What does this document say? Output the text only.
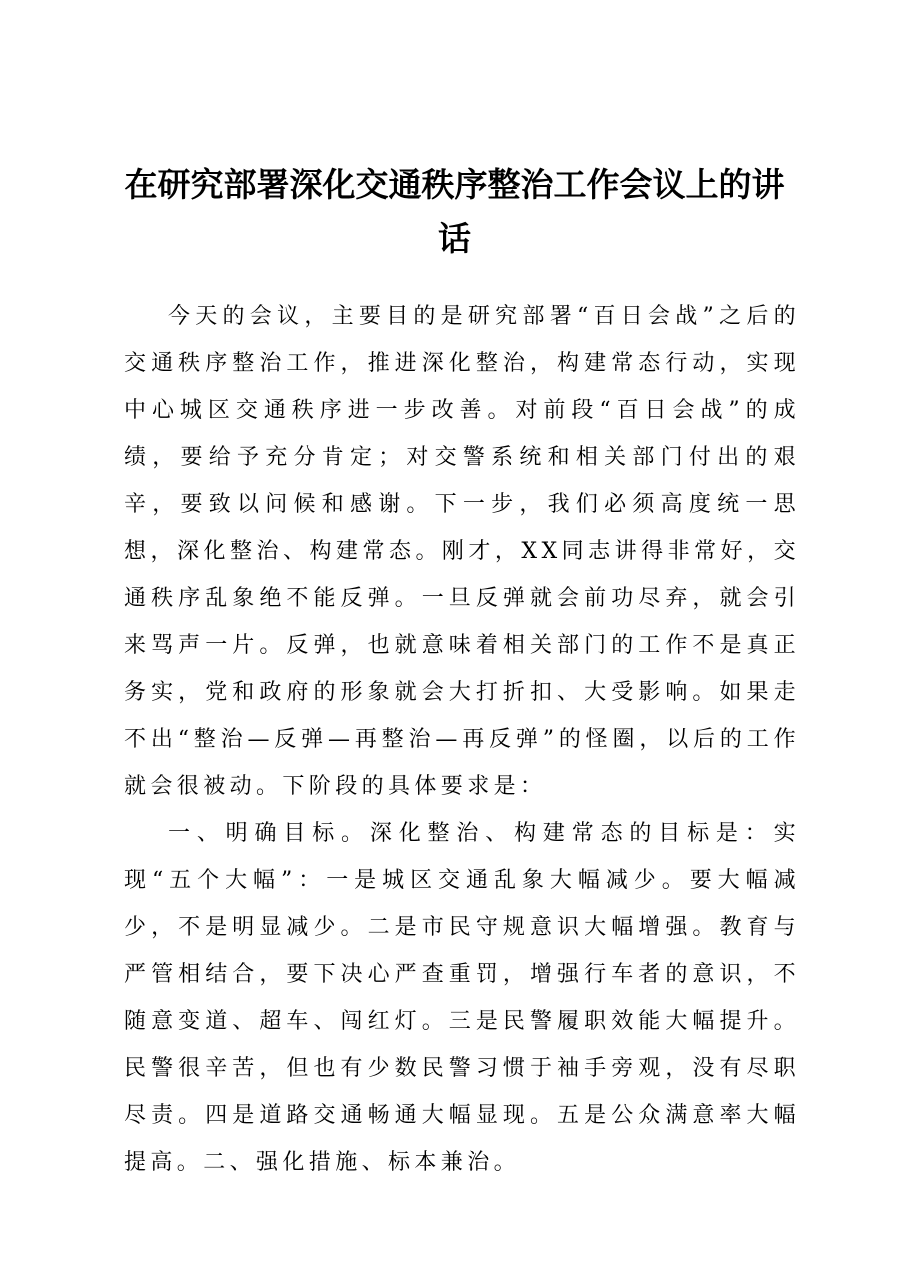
在研究部署深化交通秩序整治工作会议上的讲话

今天的会议，主要目的是研究部署“百日会战”之后的交通秩序整治工作，推进深化整治，构建常态行动，实现中心城区交通秩序进一步改善。对前段“百日会战”的成绩，要给予充分肯定；对交警系统和相关部门付出的艰辛，要致以问候和感谢。下一步，我们必须高度统一思想，深化整治、构建常态。刚才，XX同志讲得非常好，交通秩序乱象绝不能反弹。一旦反弹就会前功尽弃，就会引来骂声一片。反弹，也就意味着相关部门的工作不是真正务实，党和政府的形象就会大打折扣、大受影响。如果走不出“整治—反弹—再整治—再反弹”的怪圈，以后的工作就会很被动。下阶段的具体要求是：

一、明确目标。深化整治、构建常态的目标是：实现“五个大幅”：一是城区交通乱象大幅减少。要大幅减少，不是明显减少。二是市民守规意识大幅增强。教育与严管相结合，要下决心严查重罚，增强行车者的意识，不随意变道、超车、闯红灯。三是民警履职效能大幅提升。民警很辛苦，但也有少数民警习惯于袖手旁观，没有尽职尽责。四是道路交通畅通大幅显现。五是公众满意率大幅提高。二、强化措施、标本兼治。
